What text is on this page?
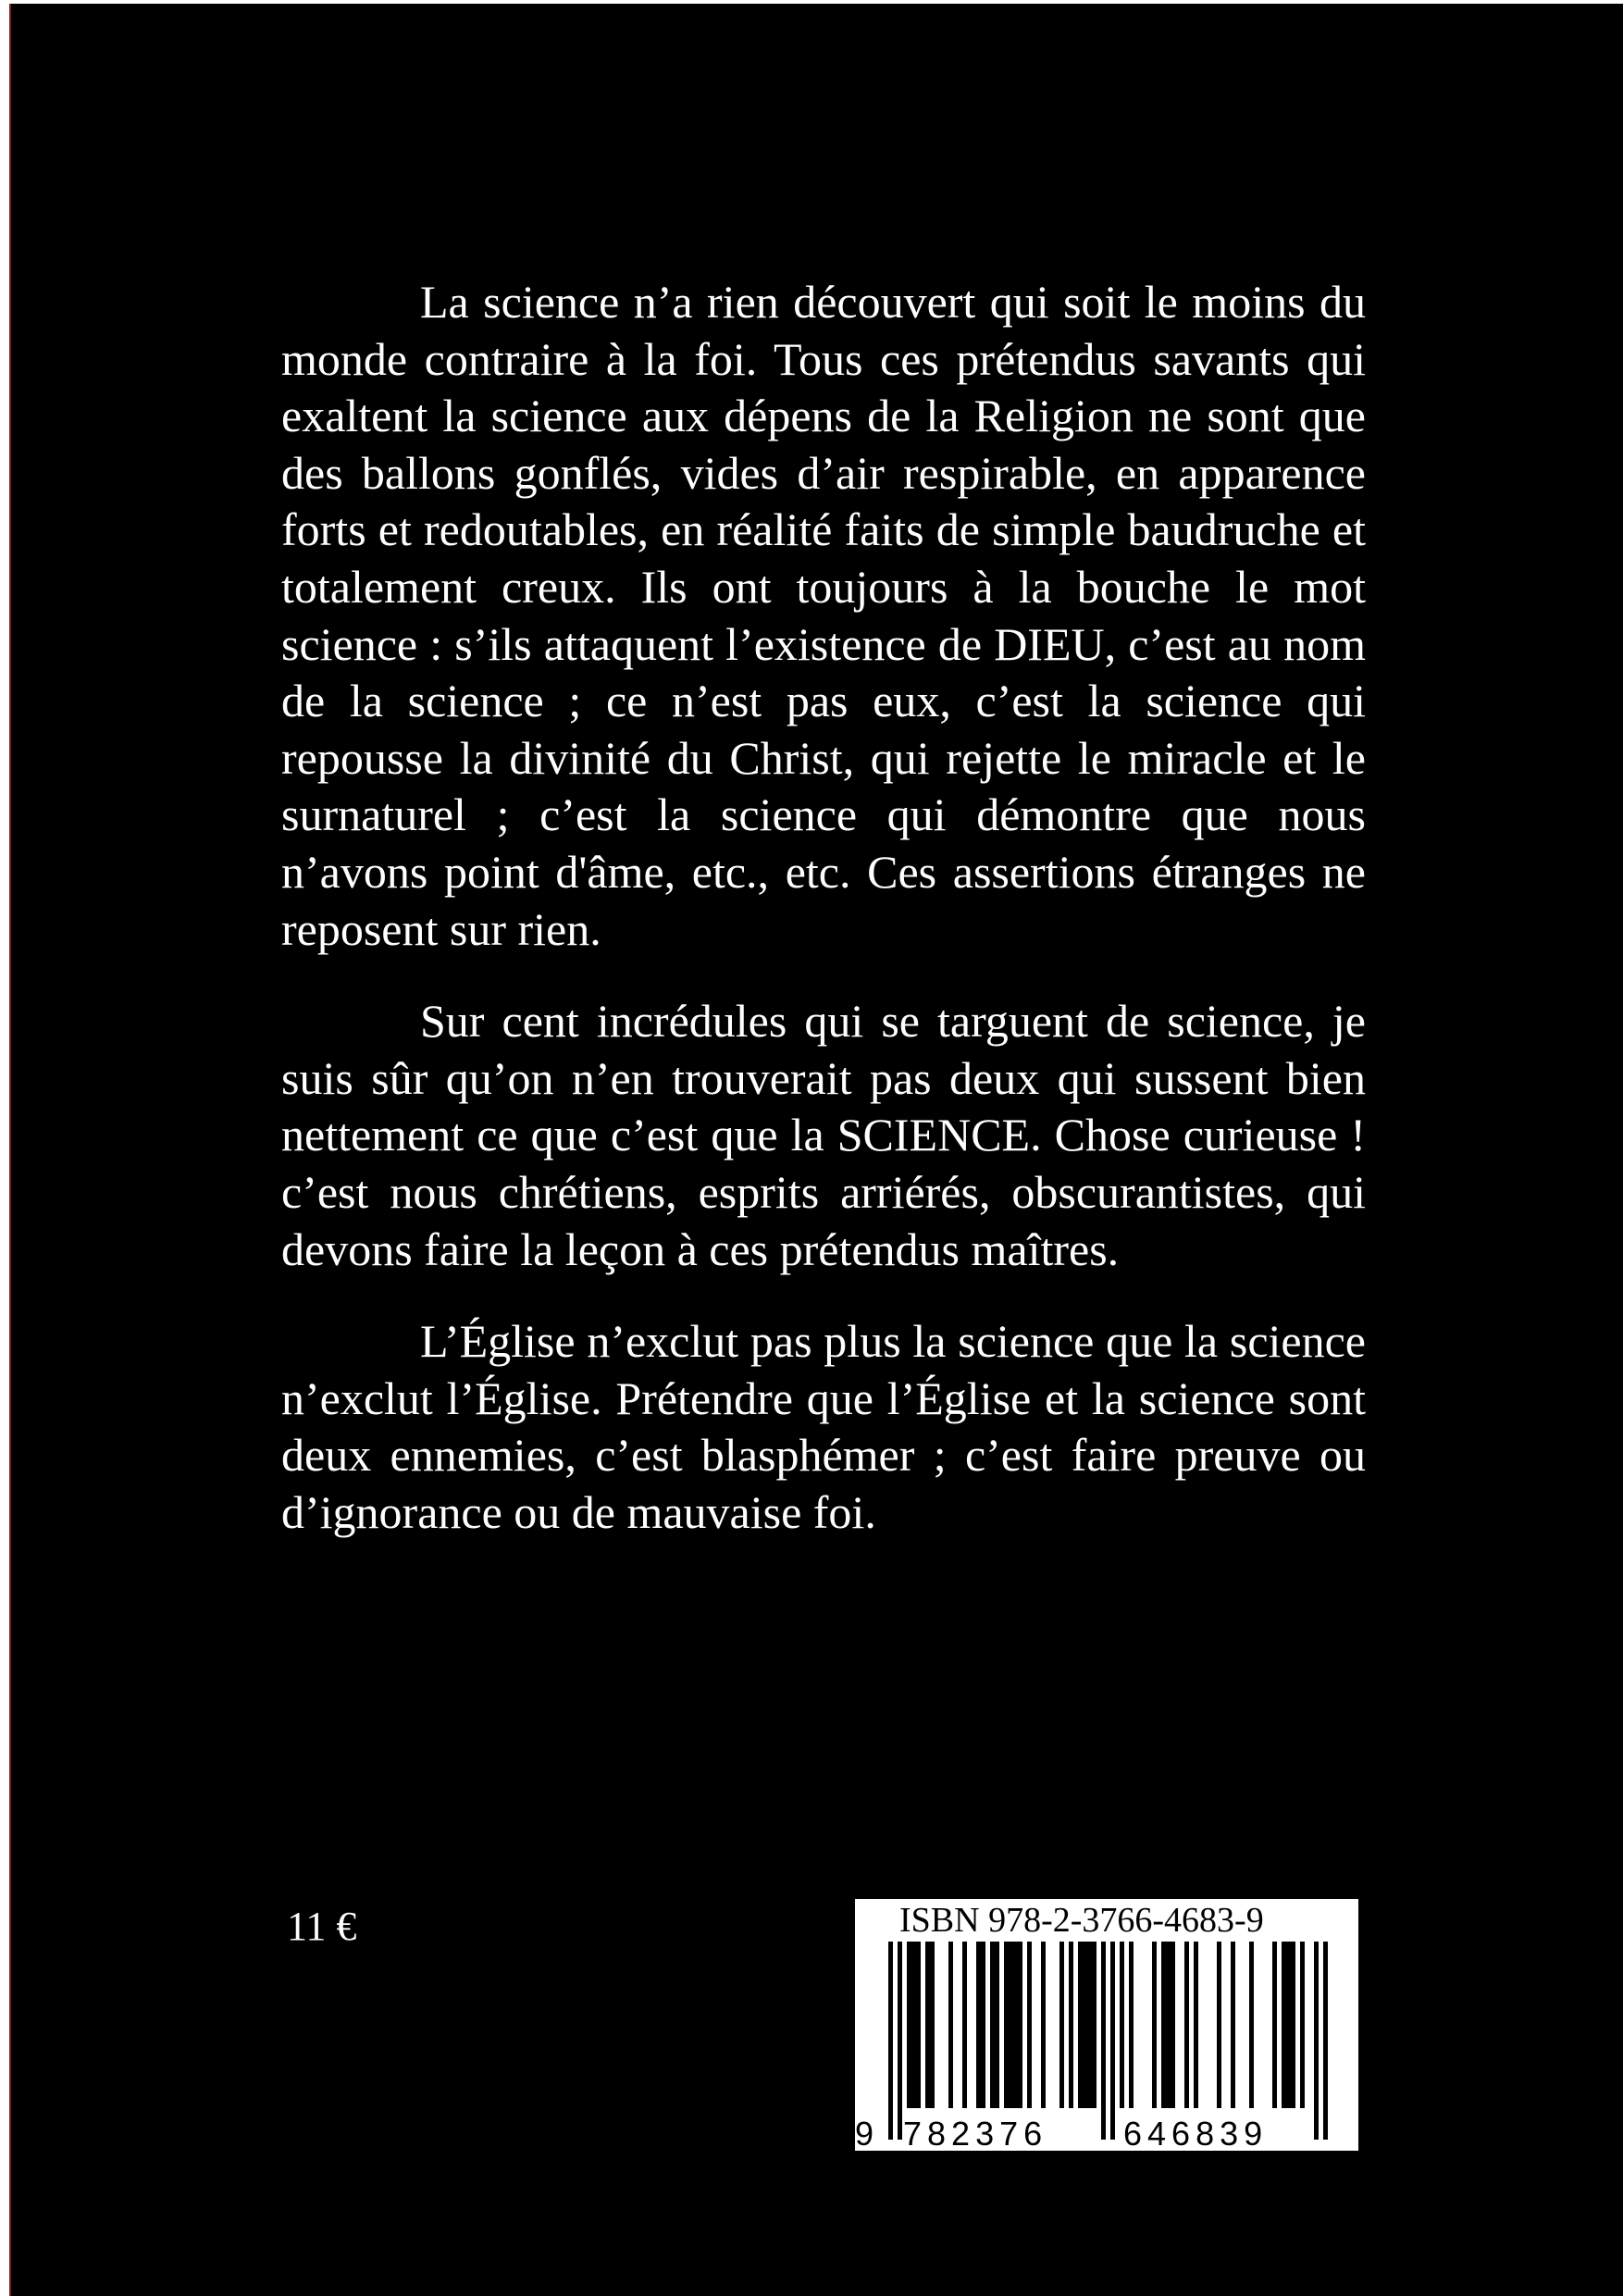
La science n’a rien découvert qui soit le moins du monde contraire à la foi. Tous ces prétendus savants qui exaltent la science aux dépens de la Religion ne sont que des ballons gonflés, vides d’air respirable, en apparence forts et redoutables, en réalité faits de simple baudruche et totalement creux. Ils ont toujours à la bouche le mot science : s’ils attaquent l’existence de DIEU, c’est au nom de la science ; ce n’est pas eux, c’est la science qui repousse la divinité du Christ, qui rejette le miracle et le surnaturel ; c’est la science qui démontre que nous n’avons point d'âme, etc., etc. Ces assertions étranges ne reposent sur rien.

Sur cent incrédules qui se targuent de science, je suis sûr qu’on n’en trouverait pas deux qui sussent bien nettement ce que c’est que la SCIENCE. Chose curieuse ! c’est nous chrétiens, esprits arriérés, obscurantistes, qui devons faire la leçon à ces prétendus maîtres.

L’Église n’exclut pas plus la science que la science n’exclut l’Église. Prétendre que l’Église et la science sont deux ennemies, c’est blasphémer ; c’est faire preuve ou d’ignorance ou de mauvaise foi.

11 €	ISBN 978-2-3766-4683-9
9 782376 646839
